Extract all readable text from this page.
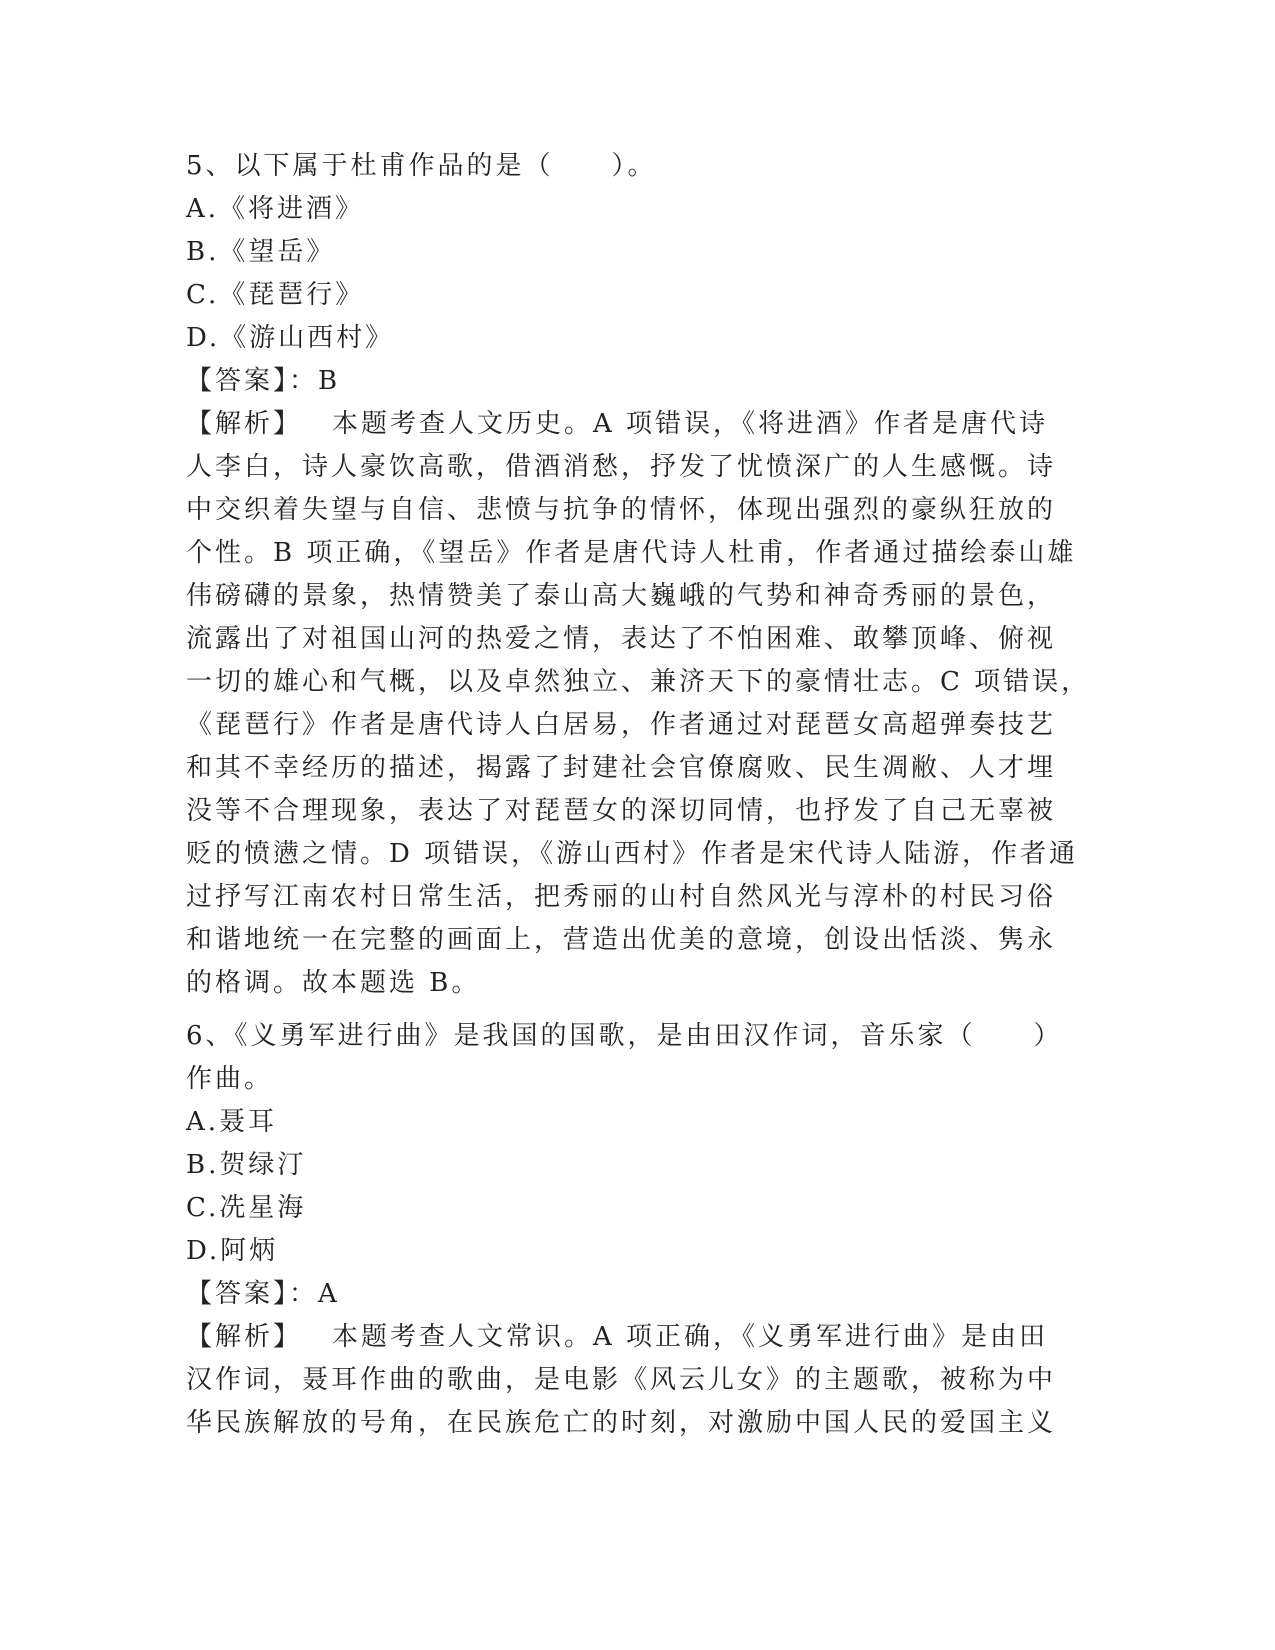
5、以下属于杜甫作品的是（　　）。
A.《将进酒》
B.《望岳》
C.《琵琶行》
D.《游山西村》
【答案】：B
【解析】 本题考查人文历史。A 项错误，《将进酒》作者是唐代诗
人李白，诗人豪饮高歌，借酒消愁，抒发了忧愤深广的人生感慨。诗
中交织着失望与自信、悲愤与抗争的情怀，体现出强烈的豪纵狂放的
个性。B 项正确，《望岳》作者是唐代诗人杜甫，作者通过描绘泰山雄
伟磅礴的景象，热情赞美了泰山高大巍峨的气势和神奇秀丽的景色，
流露出了对祖国山河的热爱之情，表达了不怕困难、敢攀顶峰、俯视
一切的雄心和气概，以及卓然独立、兼济天下的豪情壮志。C 项错误，
《琵琶行》作者是唐代诗人白居易，作者通过对琵琶女高超弹奏技艺
和其不幸经历的描述，揭露了封建社会官僚腐败、民生凋敝、人才埋
没等不合理现象，表达了对琵琶女的深切同情，也抒发了自己无辜被
贬的愤懑之情。D 项错误，《游山西村》作者是宋代诗人陆游，作者通
过抒写江南农村日常生活，把秀丽的山村自然风光与淳朴的村民习俗
和谐地统一在完整的画面上，营造出优美的意境，创设出恬淡、隽永
的格调。故本题选 B。
6、《义勇军进行曲》是我国的国歌，是由田汉作词，音乐家（　　）
作曲。
A.聂耳
B.贺绿汀
C.冼星海
D.阿炳
【答案】：A
【解析】 本题考查人文常识。A 项正确，《义勇军进行曲》是由田
汉作词，聂耳作曲的歌曲，是电影《风云儿女》的主题歌，被称为中
华民族解放的号角，在民族危亡的时刻，对激励中国人民的爱国主义
